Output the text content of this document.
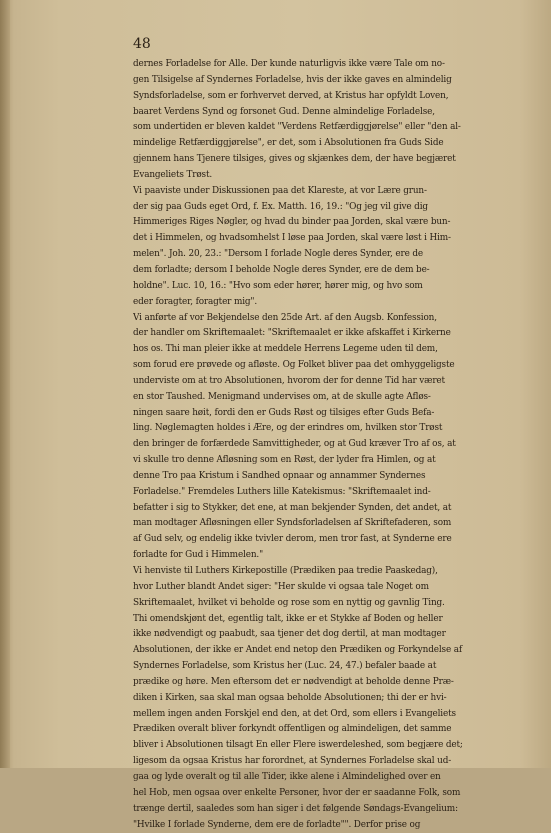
48
dernes Forladelse for Alle. Der kunde naturligvis ikke være Tale om no-
gen Tilsigelse af Syndernes Forladelse, hvis der ikke gaves en almindelig
Syndsforladelse, som er forhvervet derved, at Kristus har opfyldt Loven,
baaret Verdens Synd og forsonet Gud. Denne almindelige Forladelse,
som undertiden er bleven kaldet "Verdens Retfærdiggjørelse" eller "den al-
mindelige Retfærdiggjørelse", er det, som i Absolutionen fra Guds Side
gjennem hans Tjenere tilsiges, gives og skjænkes dem, der have begjæret
Evangeliets Trøst.
Vi paaviste under Diskussionen paa det Klareste, at vor Lære grun-
der sig paa Guds eget Ord, f. Ex. Matth. 16, 19.: "Og jeg vil give dig
Himmeriges Riges Nøgler, og hvad du binder paa Jorden, skal være bun-
det i Himmelen, og hvadsomhelst I løse paa Jorden, skal være løst i Him-
melen". Joh. 20, 23.: "Dersom I forlade Nogle deres Synder, ere de
dem forladte; dersom I beholde Nogle deres Synder, ere de dem be-
holdne". Luc. 10, 16.: "Hvo som eder hører, hører mig, og hvo som
eder foragter, foragter mig".
Vi anførte af vor Bekjendelse den 25de Art. af den Augsb. Konfession,
der handler om Skriftemaalet: "Skriftemaalet er ikke afskaffet i Kirkerne
hos os. Thi man pleier ikke at meddele Herrens Legeme uden til dem,
som forud ere prøvede og afløste. Og Folket bliver paa det omhyggeligste
underviste om at tro Absolutionen, hvorom der for denne Tid har været
en stor Taushed. Menigmand undervises om, at de skulle agte Afløs-
ningen saare høit, fordi den er Guds Røst og tilsiges efter Guds Befa-
ling. Nøglemagten holdes i Ære, og der erindres om, hvilken stor Trøst
den bringer de forfærdede Samvittigheder, og at Gud kræver Tro af os, at
vi skulle tro denne Afløsning som en Røst, der lyder fra Himlen, og at
denne Tro paa Kristum i Sandhed opnaar og annammer Syndernes
Forladelse." Fremdeles Luthers lille Katekismus: "Skriftemaalet ind-
befatter i sig to Stykker, det ene, at man bekjender Synden, det andet, at
man modtager Afløsningen eller Syndsforladelsen af Skriftefaderen, som
af Gud selv, og endelig ikke tvivler derom, men tror fast, at Synderne ere
forladte for Gud i Himmelen."
Vi henviste til Luthers Kirkepostille (Prædiken paa tredie Paaskedag),
hvor Luther blandt Andet siger: "Her skulde vi ogsaa tale Noget om
Skriftemaalet, hvilket vi beholde og rose som en nyttig og gavnlig Ting.
Thi omendskjønt det, egentlig talt, ikke er et Stykke af Boden og heller
ikke nødvendigt og paabudt, saa tjener det dog dertil, at man modtager
Absolutionen, der ikke er Andet end netop den Prædiken og Forkyndelse af
Syndernes Forladelse, som Kristus her (Luc. 24, 47.) befaler baade at
prædike og høre. Men eftersom det er nødvendigt at beholde denne Præ-
diken i Kirken, saa skal man ogsaa beholde Absolutionen; thi der er hvi-
mellem ingen anden Forskjel end den, at det Ord, som ellers i Evangeliets
Prædiken overalt bliver forkyndt offentligen og almindeligen, det samme
bliver i Absolutionen tilsagt En eller Flere iswerdeleshed, som begjære det;
ligesom da ogsaa Kristus har forordnet, at Syndernes Forladelse skal ud-
gaa og lyde overalt og til alle Tider, ikke alene i Almindelighed over en
hel Hob, men ogsaa over enkelte Personer, hvor der er saadanne Folk, som
trænge dertil, saaledes som han siger i det følgende Søndags-Evangelium:
"Hvilke I forlade Synderne, dem ere de forladte"". Derfor prise og
